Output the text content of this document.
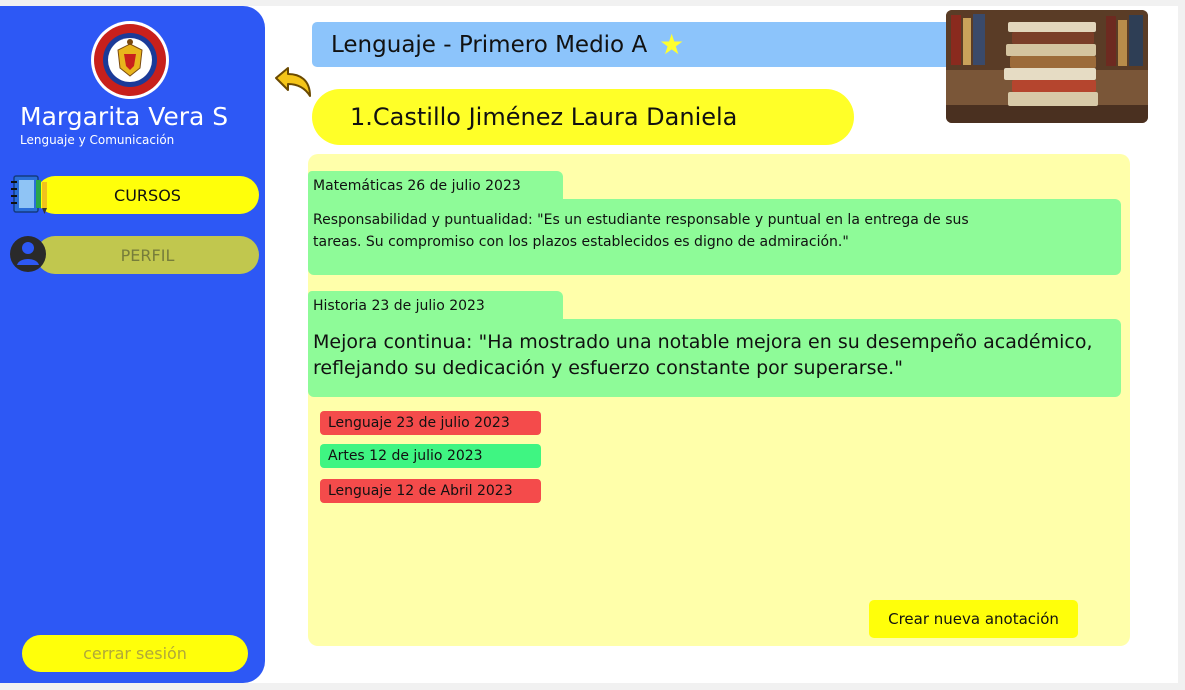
Margarita Vera S
Lenguaje y Comunicación
CURSOS
PERFIL
cerrar sesión
Lenguaje - Primero Medio A ★
1.Castillo Jiménez Laura Daniela
Matemáticas 26 de julio 2023
Responsabilidad y puntualidad: "Es un estudiante responsable y puntual en la entrega de sus tareas. Su compromiso con los plazos establecidos es digno de admiración."
Historia 23 de julio 2023
Mejora continua: "Ha mostrado una notable mejora en su desempeño académico, reflejando su dedicación y esfuerzo constante por superarse."
Lenguaje 23 de julio 2023
Artes 12 de julio 2023
Lenguaje 12 de Abril 2023
Crear nueva anotación
